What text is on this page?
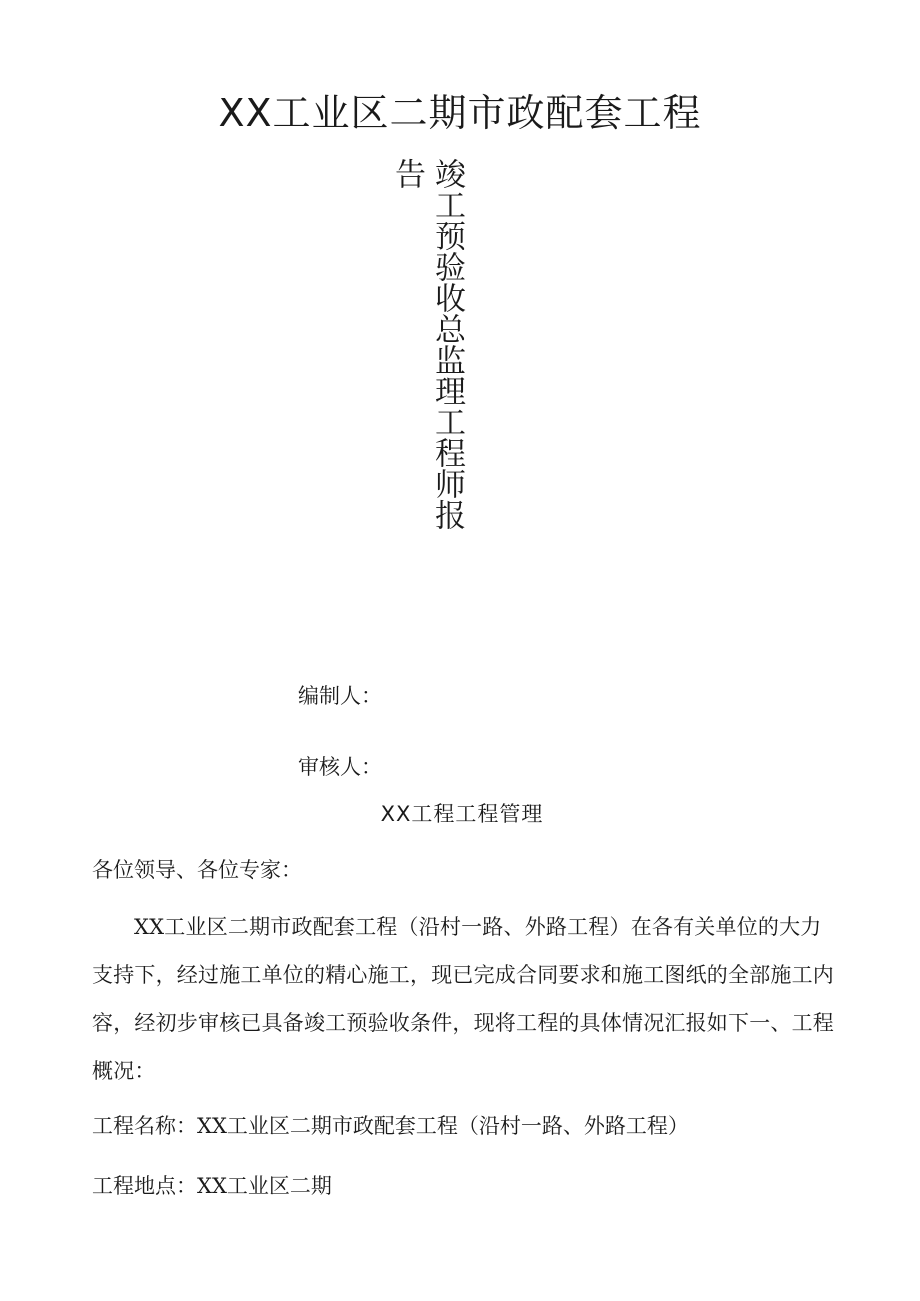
XX工业区二期市政配套工程
竣工预验收总监理工程师报告

编制人：

审核人：

XX工程工程管理

各位领导、各位专家：

XX工业区二期市政配套工程（沿村一路、外路工程）在各有关单位的大力支持下，经过施工单位的精心施工，现已完成合同要求和施工图纸的全部施工内容，经初步审核已具备竣工预验收条件，现将工程的具体情况汇报如下一、工程概况：

工程名称：XX工业区二期市政配套工程（沿村一路、外路工程）

工程地点：XX工业区二期
